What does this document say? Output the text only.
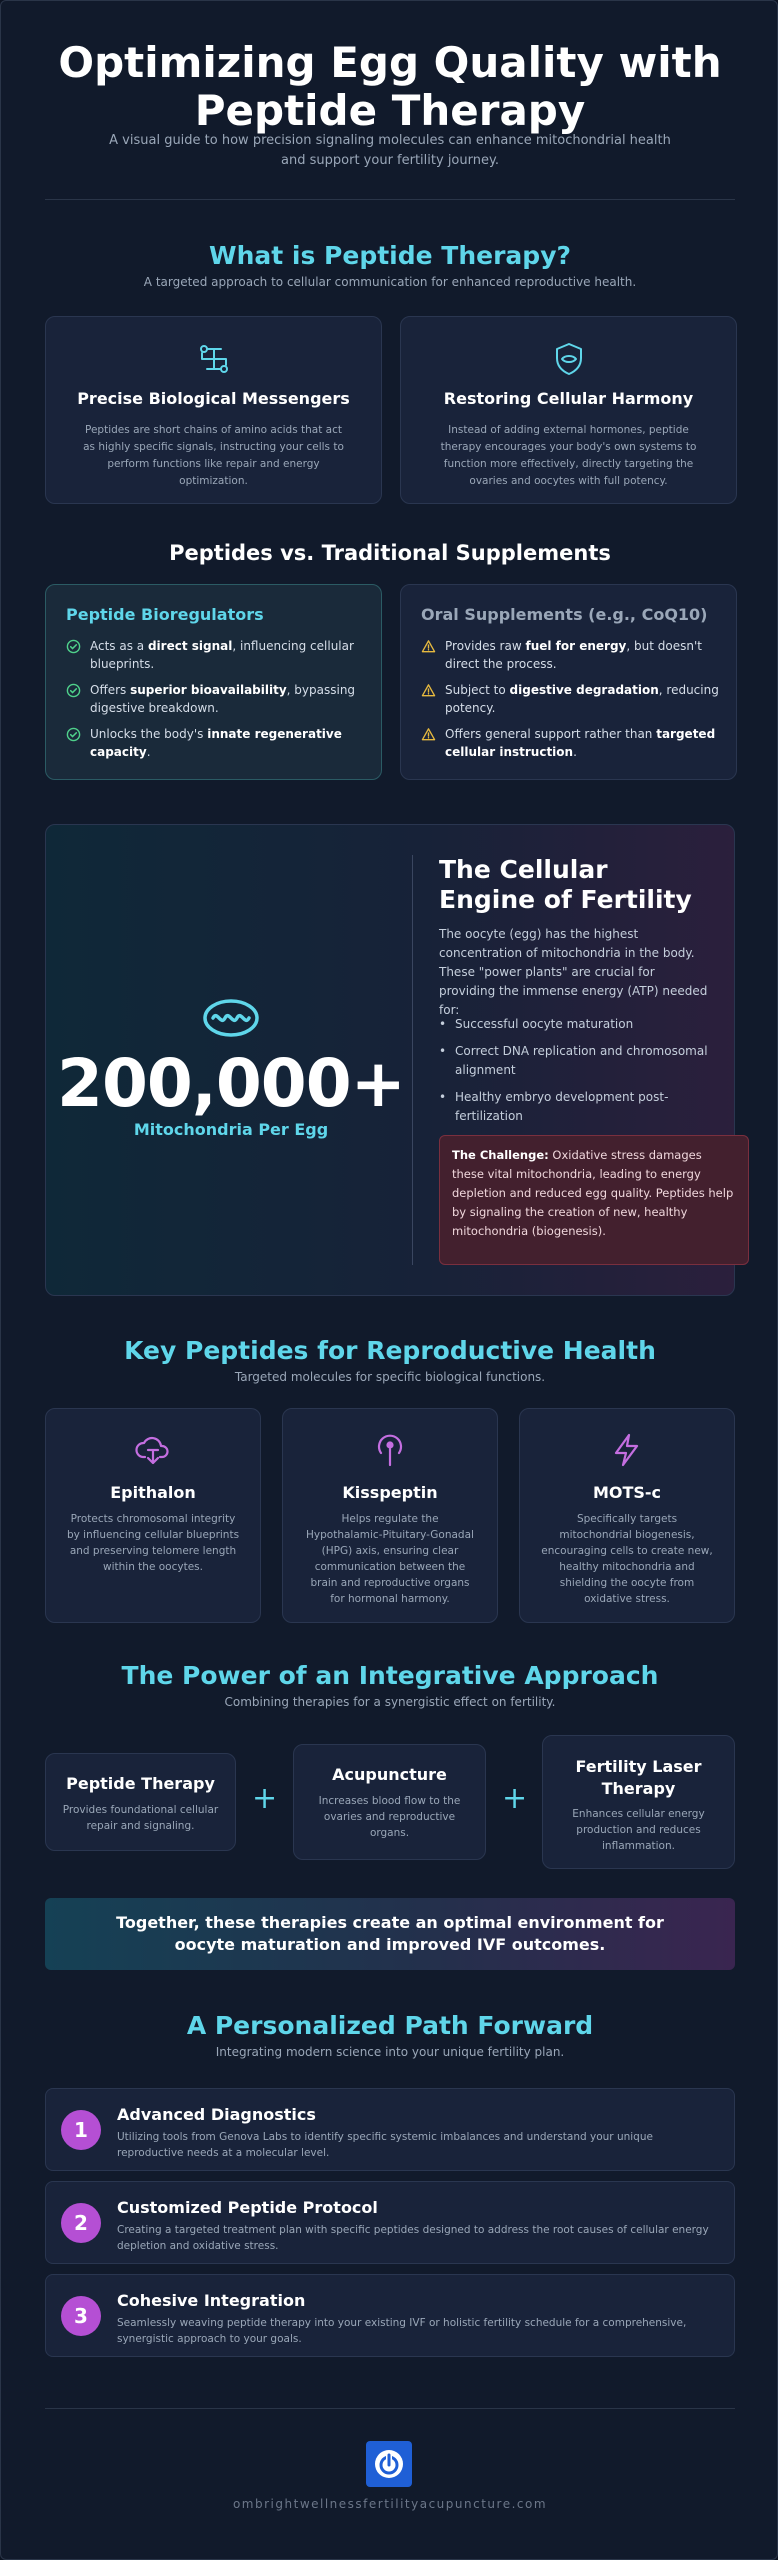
Optimizing Egg Quality with Peptide Therapy

A visual guide to how precision signaling molecules can enhance mitochondrial health and support your fertility journey.

What is Peptide Therapy?

A targeted approach to cellular communication for enhanced reproductive health.

Precise Biological Messengers
Peptides are short chains of amino acids that act as highly specific signals, instructing your cells to perform functions like repair and energy optimization.
Restoring Cellular Harmony
Instead of adding external hormones, peptide therapy encourages your body's own systems to function more effectively, directly targeting the ovaries and oocytes with full potency.
Peptides vs. Traditional Supplements
Peptide Bioregulators
Acts as a direct signal, influencing cellular blueprints.
Offers superior bioavailability, bypassing digestive breakdown.
Unlocks the body's innate regenerative capacity.
Oral Supplements (e.g., CoQ10)
Provides raw fuel for energy, but doesn't direct the process.
Subject to digestive degradation, reducing potency.
Offers general support rather than targeted cellular instruction.
200,000+
Mitochondria Per Egg
The Cellular Engine of Fertility
The oocyte (egg) has the highest concentration of mitochondria in the body. These "power plants" are crucial for providing the immense energy (ATP) needed for:
• Successful oocyte maturation
• Correct DNA replication and chromosomal alignment
• Healthy embryo development post-fertilization
The Challenge: Oxidative stress damages these vital mitochondria, leading to energy depletion and reduced egg quality. Peptides help by signaling the creation of new, healthy mitochondria (biogenesis).
Key Peptides for Reproductive Health

Targeted molecules for specific biological functions.

Epithalon
Protects chromosomal integrity by influencing cellular blueprints and preserving telomere length within the oocytes.
Kisspeptin
Helps regulate the Hypothalamic-Pituitary-Gonadal (HPG) axis, ensuring clear communication between the brain and reproductive organs for hormonal harmony.
MOTS-c
Specifically targets mitochondrial biogenesis, encouraging cells to create new, healthy mitochondria and shielding the oocyte from oxidative stress.
The Power of an Integrative Approach

Combining therapies for a synergistic effect on fertility.

Peptide Therapy
Provides foundational cellular repair and signaling.
+
Acupuncture
Increases blood flow to the ovaries and reproductive organs.
+
Fertility Laser Therapy
Enhances cellular energy production and reduces inflammation.
Together, these therapies create an optimal environment for oocyte maturation and improved IVF outcomes.
A Personalized Path Forward

Integrating modern science into your unique fertility plan.

1
Advanced Diagnostics
Utilizing tools from Genova Labs to identify specific systemic imbalances and understand your unique reproductive needs at a molecular level.
2
Customized Peptide Protocol
Creating a targeted treatment plan with specific peptides designed to address the root causes of cellular energy depletion and oxidative stress.
3
Cohesive Integration
Seamlessly weaving peptide therapy into your existing IVF or holistic fertility schedule for a comprehensive, synergistic approach to your goals.
ombrightwellnessfertilityacupuncture.com
